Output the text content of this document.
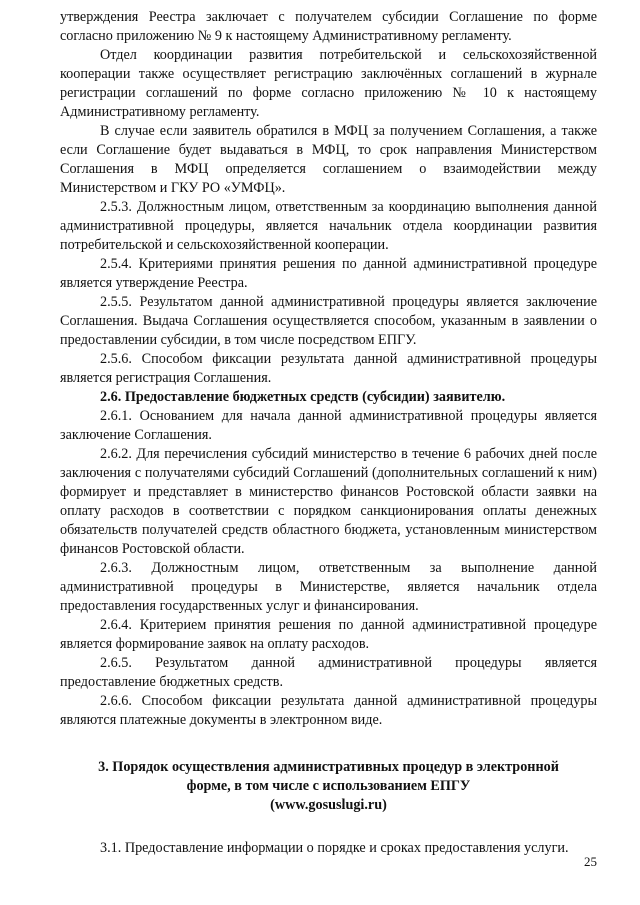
утверждения Реестра заключает с получателем субсидии Соглашение по форме согласно приложению № 9 к настоящему Административному регламенту.

Отдел координации развития потребительской и сельскохозяйственной кооперации также осуществляет регистрацию заключённых соглашений в журнале регистрации соглашений по форме согласно приложению № 10 к настоящему Административному регламенту.

В случае если заявитель обратился в МФЦ за получением Соглашения, а также если Соглашение будет выдаваться в МФЦ, то срок направления Министерством Соглашения в МФЦ определяется соглашением о взаимодействии между Министерством и ГКУ РО «УМФЦ».

2.5.3. Должностным лицом, ответственным за координацию выполнения данной административной процедуры, является начальник отдела координации развития потребительской и сельскохозяйственной кооперации.

2.5.4. Критериями принятия решения по данной административной процедуре является утверждение Реестра.

2.5.5. Результатом данной административной процедуры является заключение Соглашения. Выдача Соглашения осуществляется способом, указанным в заявлении о предоставлении субсидии, в том числе посредством ЕПГУ.

2.5.6. Способом фиксации результата данной административной процедуры является регистрация Соглашения.

2.6. Предоставление бюджетных средств (субсидии) заявителю.

2.6.1. Основанием для начала данной административной процедуры является заключение Соглашения.

2.6.2. Для перечисления субсидий министерство в течение 6 рабочих дней после заключения с получателями субсидий Соглашений (дополнительных соглашений к ним) формирует и представляет в министерство финансов Ростовской области заявки на оплату расходов в соответствии с порядком санкционирования оплаты денежных обязательств получателей средств областного бюджета, установленным министерством финансов Ростовской области.

2.6.3. Должностным лицом, ответственным за выполнение данной административной процедуры в Министерстве, является начальник отдела предоставления государственных услуг и финансирования.

2.6.4. Критерием принятия решения по данной административной процедуре является формирование заявок на оплату расходов.

2.6.5. Результатом данной административной процедуры является предоставление бюджетных средств.

2.6.6. Способом фиксации результата данной административной процедуры являются платежные документы в электронном виде.

3. Порядок осуществления административных процедур в электронной

форме, в том числе с использованием ЕПГУ

(www.gosuslugi.ru)

3.1. Предоставление информации о порядке и сроках предоставления услуги.

25
